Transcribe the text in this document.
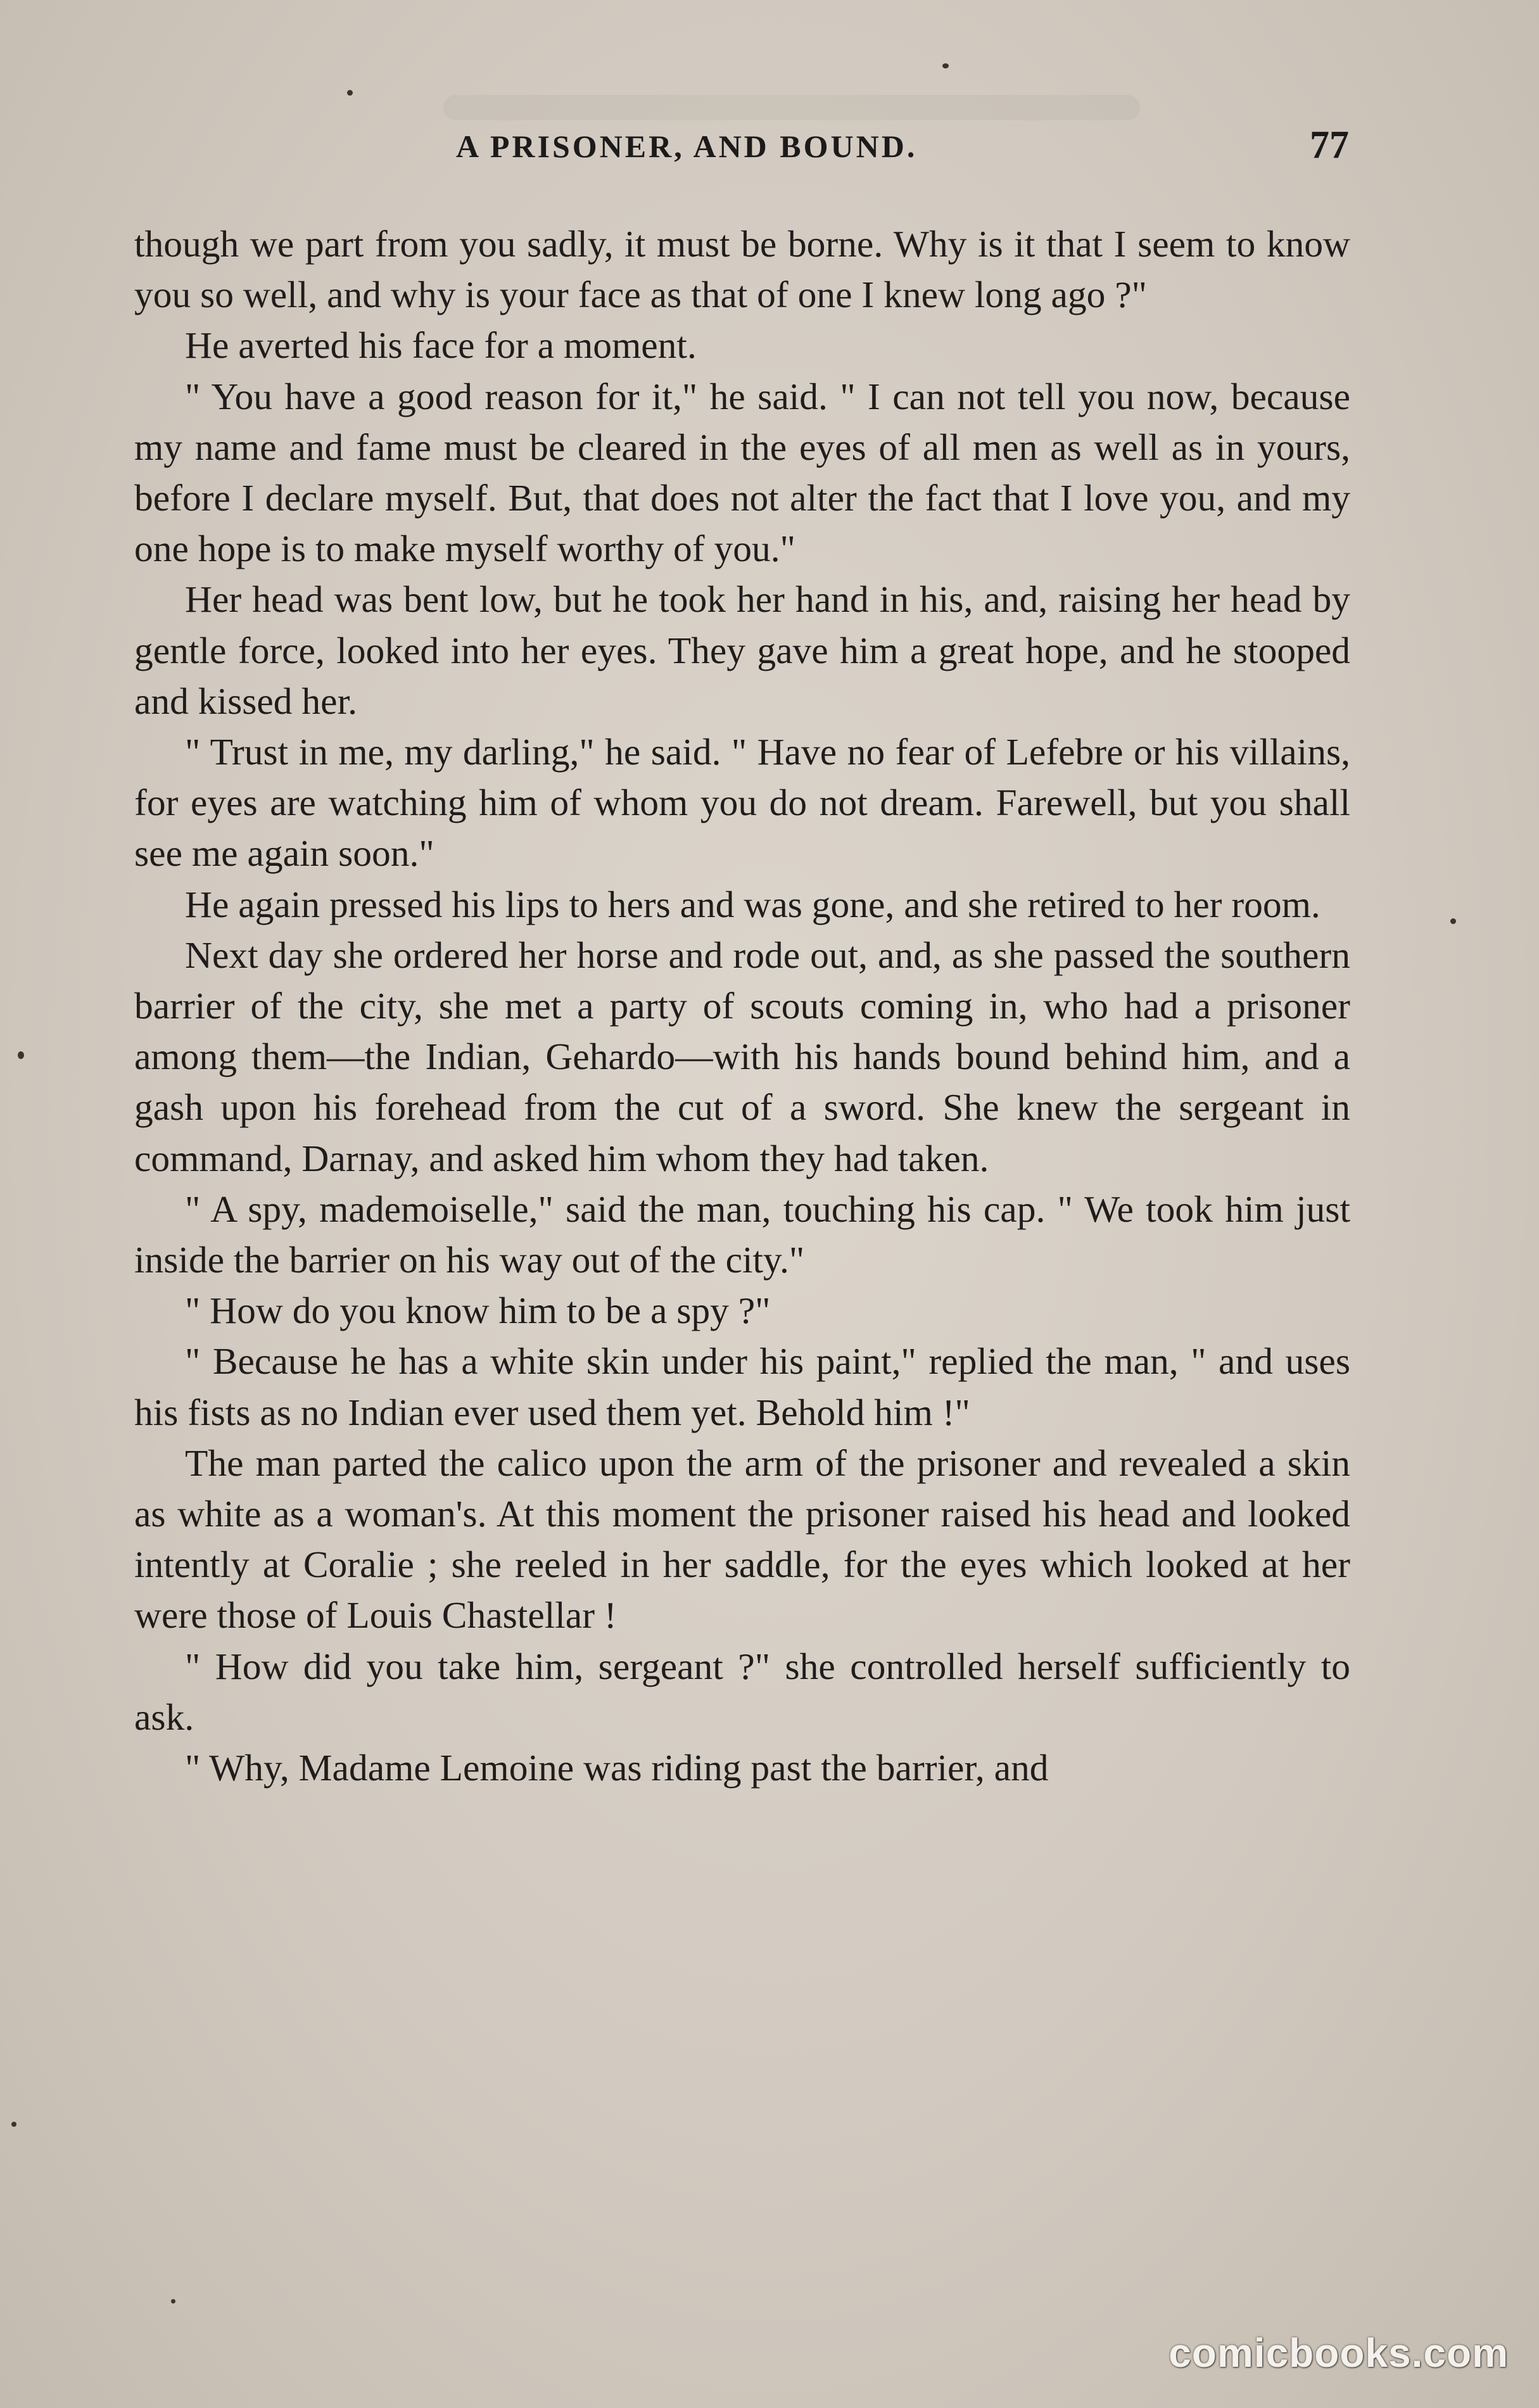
A PRISONER, AND BOUND.	77

though we part from you sadly, it must be borne. Why is it that I seem to know you so well, and why is your face as that of one I knew long ago ?"

He averted his face for a moment.

" You have a good reason for it," he said. " I can not tell you now, because my name and fame must be cleared in the eyes of all men as well as in yours, before I declare myself. But, that does not alter the fact that I love you, and my one hope is to make myself worthy of you."

Her head was bent low, but he took her hand in his, and, raising her head by gentle force, looked into her eyes. They gave him a great hope, and he stooped and kissed her.

" Trust in me, my darling," he said. " Have no fear of Lefebre or his villains, for eyes are watching him of whom you do not dream. Farewell, but you shall see me again soon."

He again pressed his lips to hers and was gone, and she retired to her room.

Next day she ordered her horse and rode out, and, as she passed the southern barrier of the city, she met a party of scouts coming in, who had a prisoner among them—the Indian, Gehardo—with his hands bound behind him, and a gash upon his forehead from the cut of a sword. She knew the sergeant in command, Darnay, and asked him whom they had taken.

" A spy, mademoiselle," said the man, touching his cap. " We took him just inside the barrier on his way out of the city."

" How do you know him to be a spy ?"

" Because he has a white skin under his paint," replied the man, " and uses his fists as no Indian ever used them yet. Behold him !"

The man parted the calico upon the arm of the prisoner and revealed a skin as white as a woman's. At this moment the prisoner raised his head and looked intently at Coralie ; she reeled in her saddle, for the eyes which looked at her were those of Louis Chastellar !

" How did you take him, sergeant ?" she controlled herself sufficiently to ask.

" Why, Madame Lemoine was riding past the barrier, and

comicbooks.com
